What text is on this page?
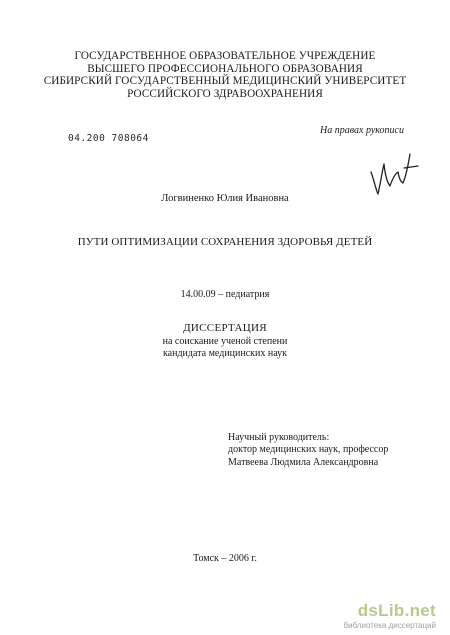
ГОСУДАРСТВЕННОЕ ОБРАЗОВАТЕЛЬНОЕ УЧРЕЖДЕНИЕ
ВЫСШЕГО ПРОФЕССИОНАЛЬНОГО ОБРАЗОВАНИЯ
СИБИРСКИЙ ГОСУДАРСТВЕННЫЙ МЕДИЦИНСКИЙ УНИВЕРСИТЕТ
РОССИЙСКОГО ЗДРАВООХРАНЕНИЯ
На правах рукописи
04.200 708064
Логвиненко Юлия Ивановна
ПУТИ ОПТИМИЗАЦИИ СОХРАНЕНИЯ ЗДОРОВЬЯ ДЕТЕЙ
14.00.09 – педиатрия
ДИССЕРТАЦИЯ
на соискание ученой степени
кандидата медицинских наук
Научный руководитель:
доктор медицинских наук, профессор
Матвеева Людмила Александровна
Томск – 2006 г.
dsLib.net
библиотека диссертаций
